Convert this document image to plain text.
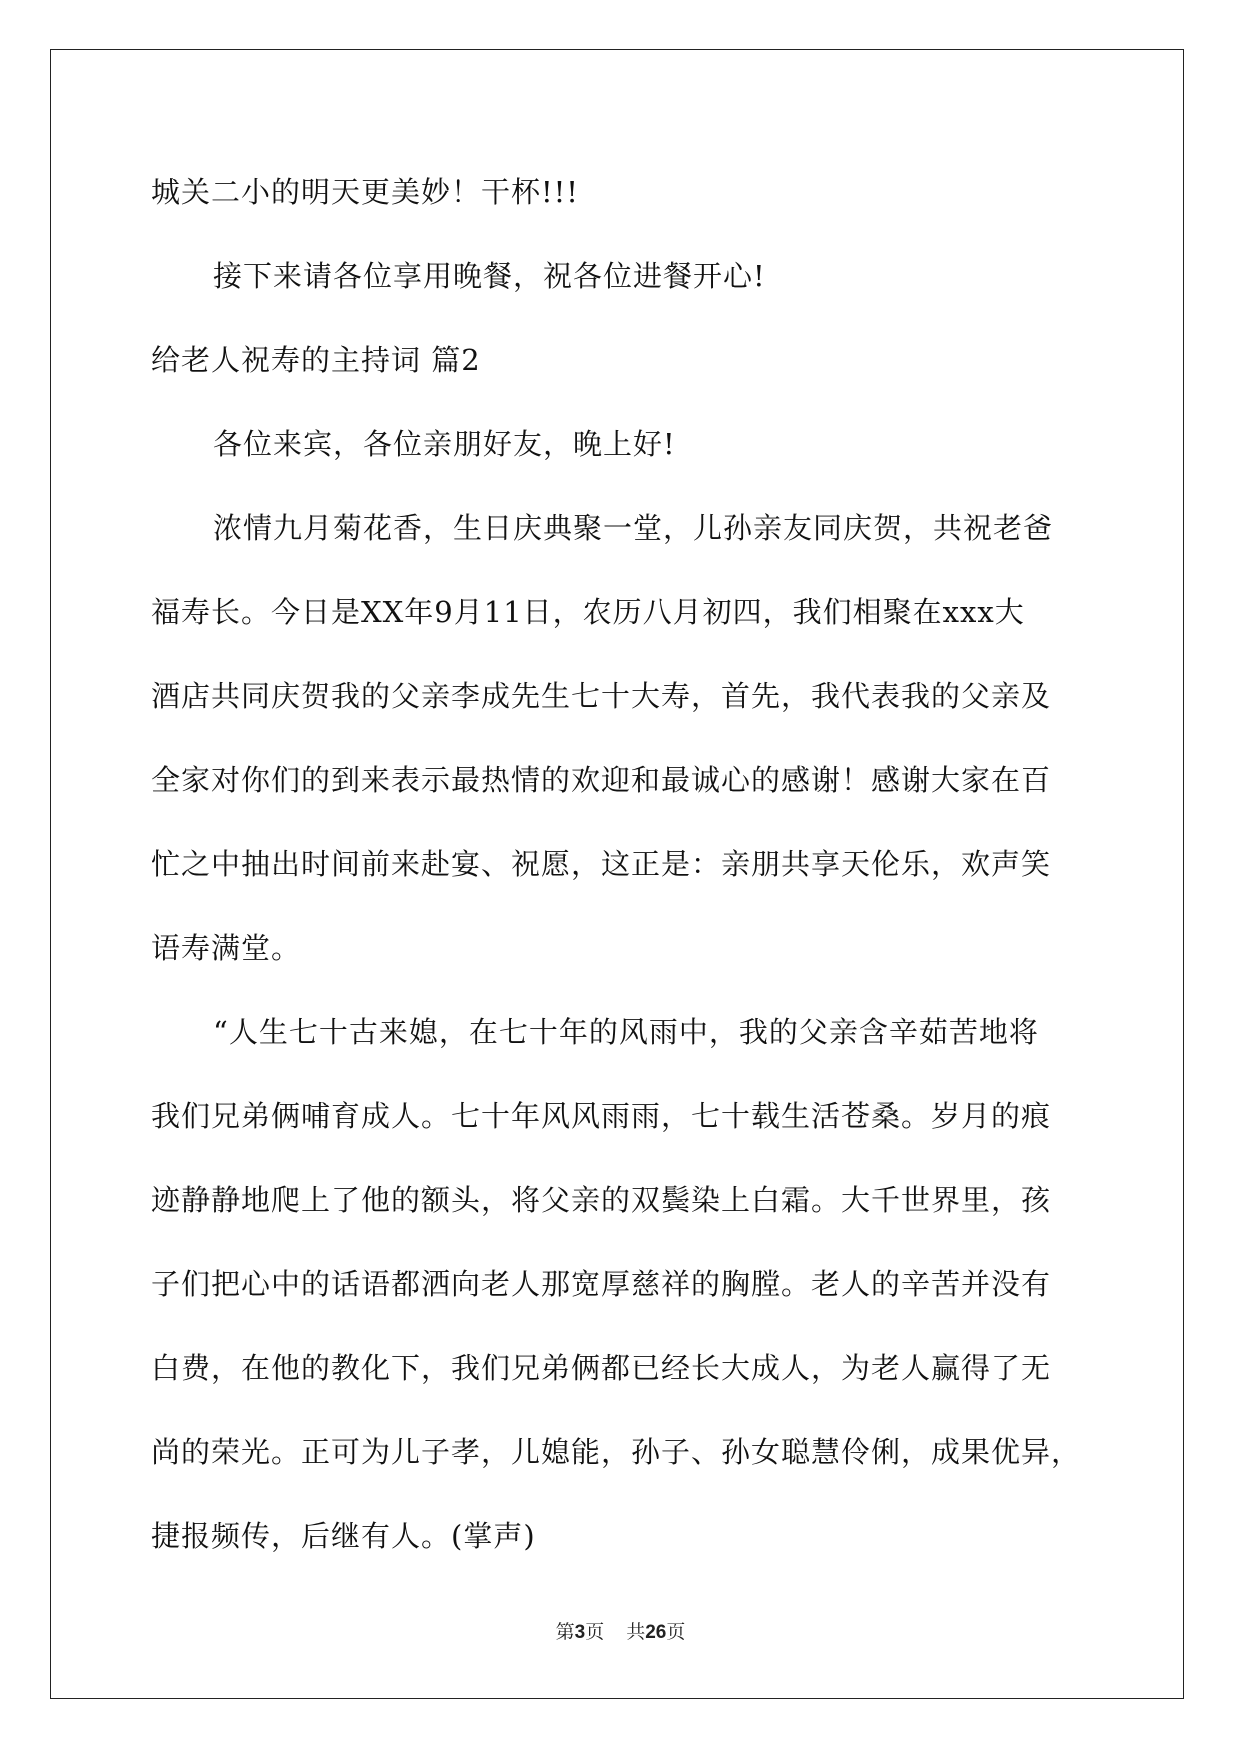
城关二小的明天更美妙！干杯!!!
接下来请各位享用晚餐，祝各位进餐开心!
给老人祝寿的主持词 篇2
各位来宾，各位亲朋好友，晚上好!
浓情九月菊花香，生日庆典聚一堂，儿孙亲友同庆贺，共祝老爸
福寿长。今日是XX年9月11日，农历八月初四，我们相聚在xxx大
酒店共同庆贺我的父亲李成先生七十大寿，首先，我代表我的父亲及
全家对你们的到来表示最热情的欢迎和最诚心的感谢！感谢大家在百
忙之中抽出时间前来赴宴、祝愿，这正是：亲朋共享天伦乐，欢声笑
语寿满堂。
“人生七十古来媳，在七十年的风雨中，我的父亲含辛茹苦地将
我们兄弟俩哺育成人。七十年风风雨雨，七十载生活苍桑。岁月的痕
迹静静地爬上了他的额头，将父亲的双鬓染上白霜。大千世界里，孩
子们把心中的话语都洒向老人那宽厚慈祥的胸膛。老人的辛苦并没有
白费，在他的教化下，我们兄弟俩都已经长大成人，为老人赢得了无
尚的荣光。正可为儿子孝，儿媳能，孙子、孙女聪慧伶俐，成果优异，
捷报频传，后继有人。(掌声)
第3页 共26页
